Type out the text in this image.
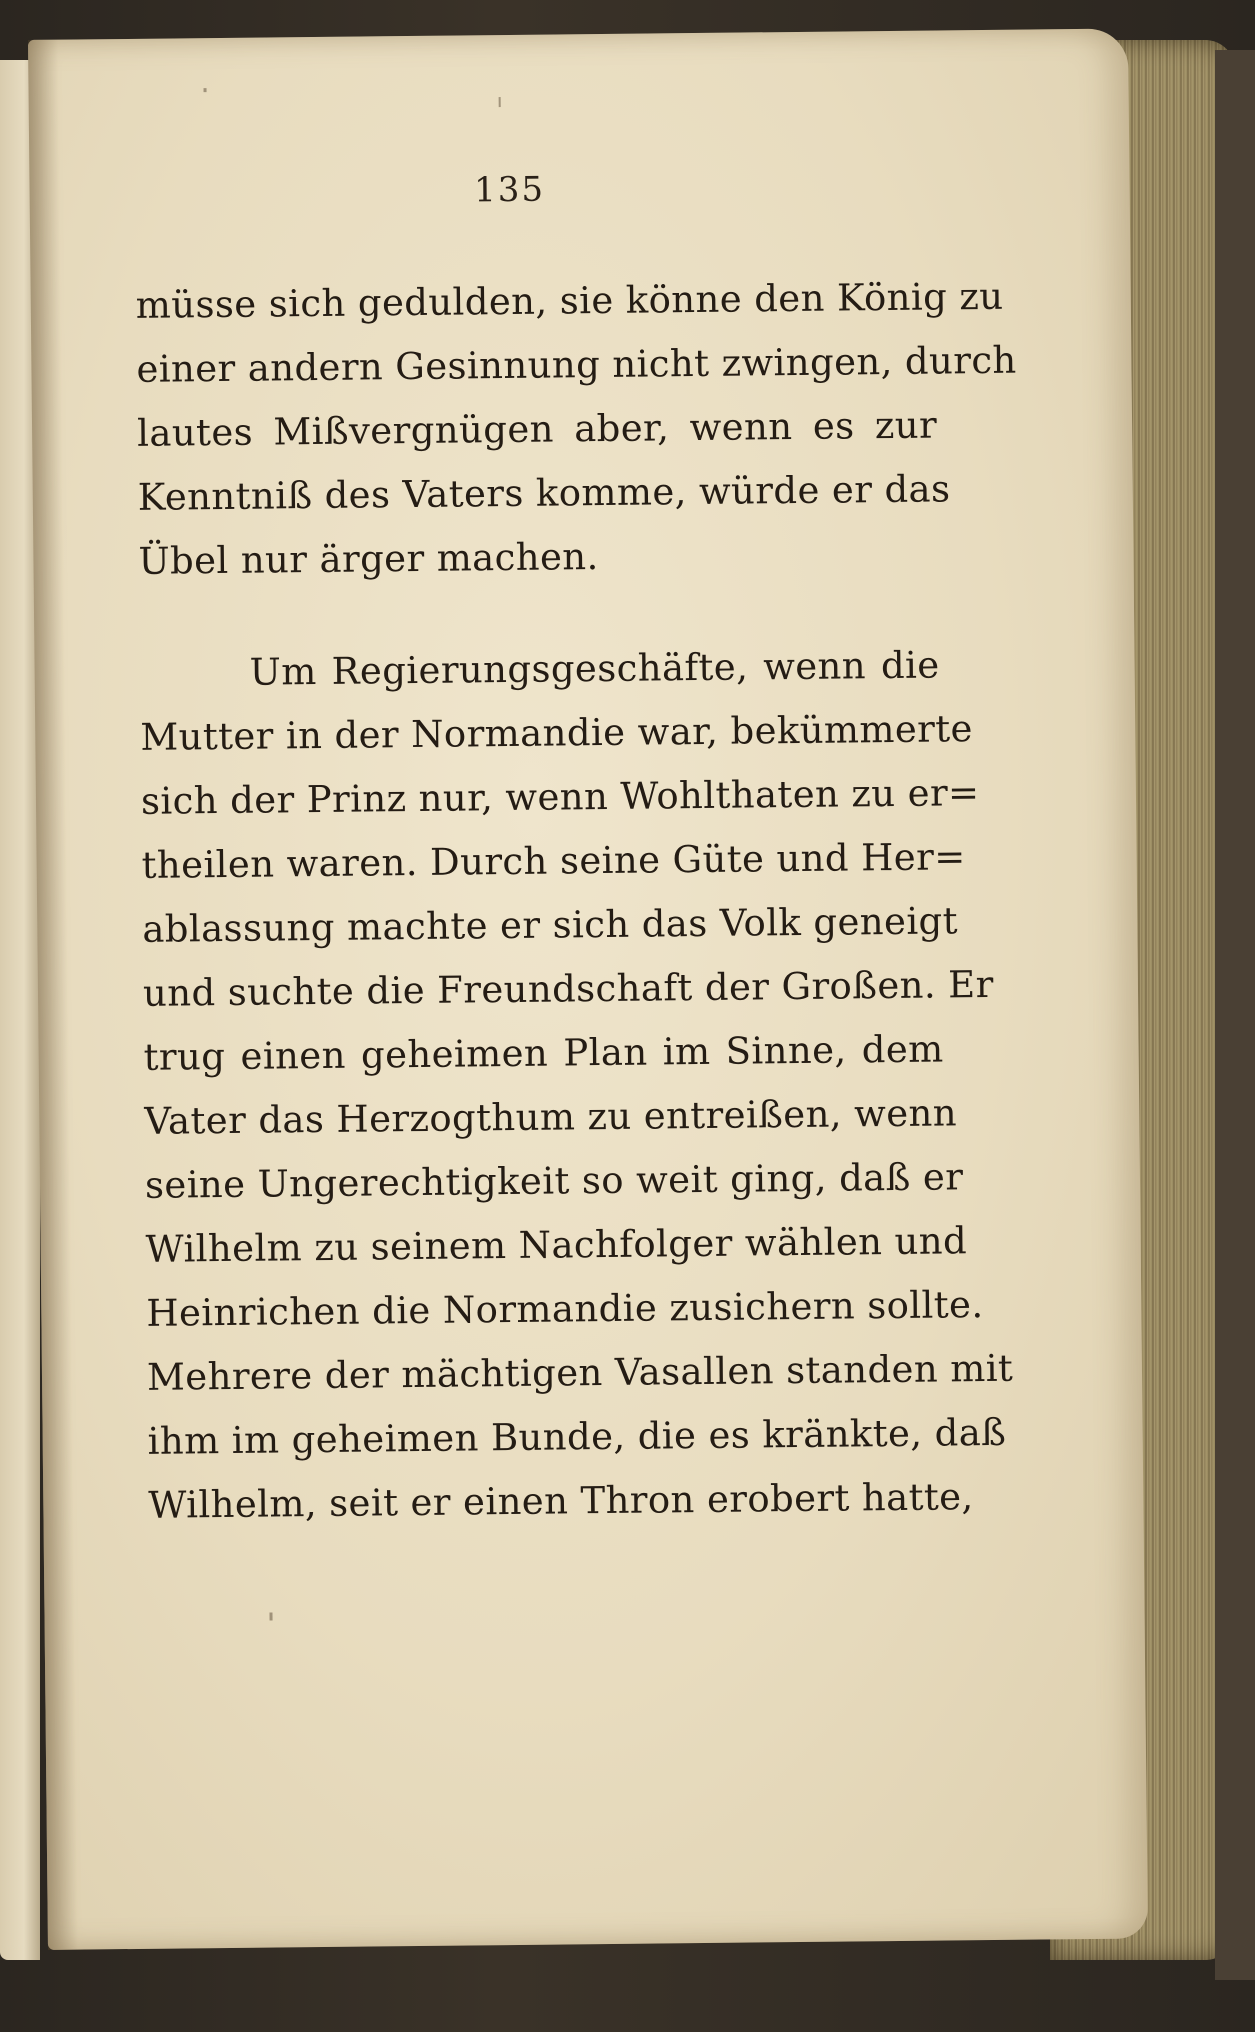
135

müsse sich gedulden, sie könne den König zu
einer andern Gesinnung nicht zwingen, durch
lautes Mißvergnügen aber, wenn es zur
Kenntniß des Vaters komme, würde er das
Übel nur ärger machen.

Um Regierungsgeschäfte, wenn die
Mutter in der Normandie war, bekümmerte
sich der Prinz nur, wenn Wohlthaten zu er=
theilen waren. Durch seine Güte und Her=
ablassung machte er sich das Volk geneigt
und suchte die Freundschaft der Großen. Er
trug einen geheimen Plan im Sinne, dem
Vater das Herzogthum zu entreißen, wenn
seine Ungerechtigkeit so weit ging, daß er
Wilhelm zu seinem Nachfolger wählen und
Heinrichen die Normandie zusichern sollte.
Mehrere der mächtigen Vasallen standen mit
ihm im geheimen Bunde, die es kränkte, daß
Wilhelm, seit er einen Thron erobert hatte,
